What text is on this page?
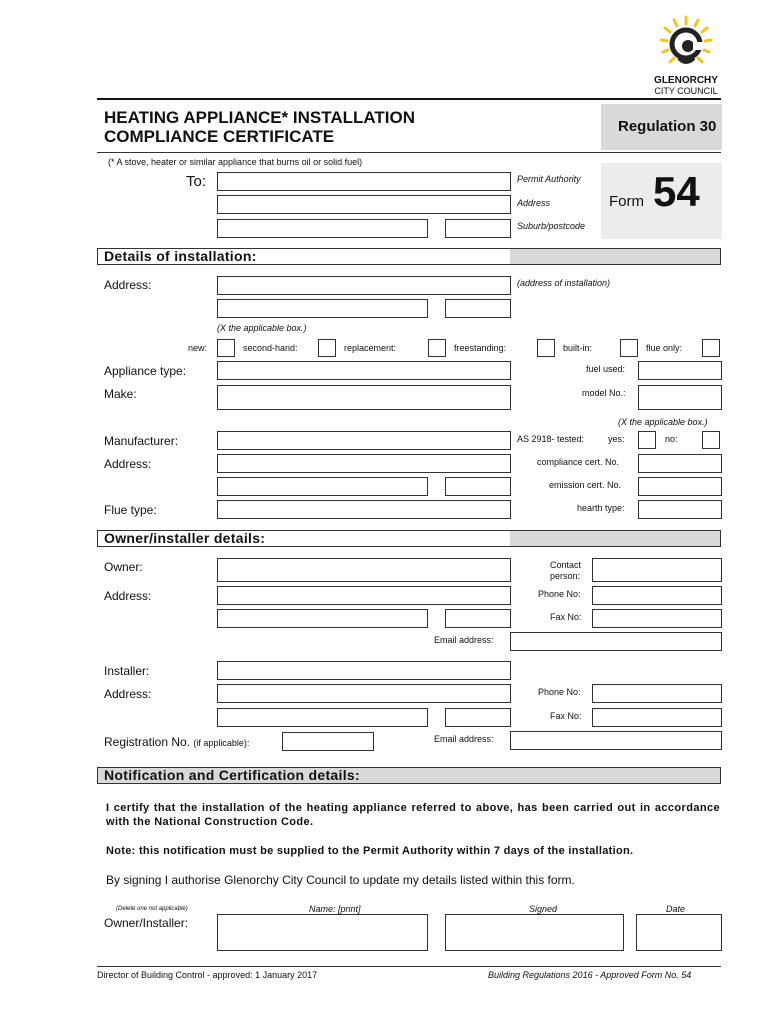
GLENORCHY
CITY COUNCIL
HEATING APPLIANCE* INSTALLATION
COMPLIANCE CERTIFICATE
Regulation 30
(* A stove, heater or similar appliance that burns oil or solid fuel)
To:	Permit Authority
Address
Suburb/postcode
Form 54
Details of installation:
Address:	(address of installation)
(X the applicable box.)
new:	second-hand:	replacement:	freestanding:	built-in:	flue only:
Appliance type:	fuel used:
Make:	model No.:
(X the applicable box.)
Manufacturer:	AS 2918- tested:	yes:	no:
Address:	compliance cert. No.
emission cert. No.
Flue type:	hearth type:
Owner/installer details:
Owner:	Contact
person:
Address:	Phone No:
Fax No:
Email address:
Installer:
Address:	Phone No:
Fax No:
Registration No. (if applicable):	Email address:
Notification and Certification details:
I certify that the installation of the heating appliance referred to above, has been carried out in accordance with the National Construction Code.
Note: this notification must be supplied to the Permit Authority within 7 days of the installation.
By signing I authorise Glenorchy City Council to update my details listed within this form.
(Delete one not applicable)
Owner/Installer:
Name: [print]	Signed	Date
Director of Building Control - approved: 1 January 2017	Building Regulations 2016 - Approved Form No. 54
